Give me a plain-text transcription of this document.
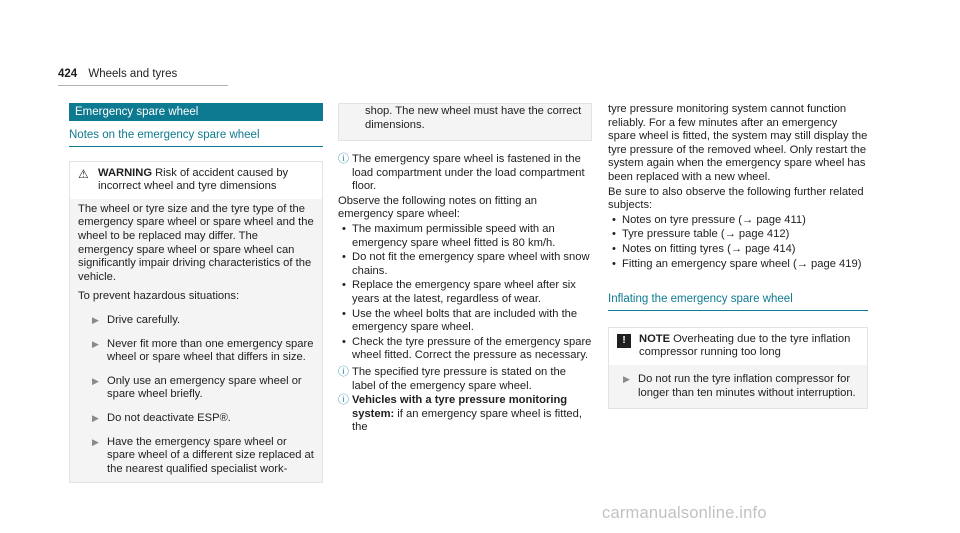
424 Wheels and tyres
Emergency spare wheel
Notes on the emergency spare wheel
⚠ WARNING Risk of accident caused by incorrect wheel and tyre dimensions

The wheel or tyre size and the tyre type of the emergency spare wheel or spare wheel and the wheel to be replaced may differ. The emergency spare wheel or spare wheel can significantly impair driving characteristics of the vehicle.

To prevent hazardous situations:

▶ Drive carefully.
▶ Never fit more than one emergency spare wheel or spare wheel that differs in size.
▶ Only use an emergency spare wheel or spare wheel briefly.
▶ Do not deactivate ESP®.
▶ Have the emergency spare wheel or spare wheel of a different size replaced at the nearest qualified specialist work-

shop. The new wheel must have the correct dimensions.

ⓘ The emergency spare wheel is fastened in the load compartment under the load compartment floor.

Observe the following notes on fitting an emergency spare wheel:

• The maximum permissible speed with an emergency spare wheel fitted is 80 km/h.
• Do not fit the emergency spare wheel with snow chains.
• Replace the emergency spare wheel after six years at the latest, regardless of wear.
• Use the wheel bolts that are included with the emergency spare wheel.
• Check the tyre pressure of the emergency spare wheel fitted. Correct the pressure as necessary.
ⓘ The specified tyre pressure is stated on the label of the emergency spare wheel.
ⓘ Vehicles with a tyre pressure monitoring system: if an emergency spare wheel is fitted, the

tyre pressure monitoring system cannot function reliably. For a few minutes after an emergency spare wheel is fitted, the system may still display the tyre pressure of the removed wheel. Only restart the system again when the emergency spare wheel has been replaced with a new wheel.

Be sure to also observe the following further related subjects:

• Notes on tyre pressure (→ page 411)
• Tyre pressure table (→ page 412)
• Notes on fitting tyres (→ page 414)
• Fitting an emergency spare wheel (→ page 419)
Inflating the emergency spare wheel
!	NOTE Overheating due to the tyre inflation compressor running too long
▶ Do not run the tyre inflation compressor for longer than ten minutes without interruption.
carmanualsonline.info
